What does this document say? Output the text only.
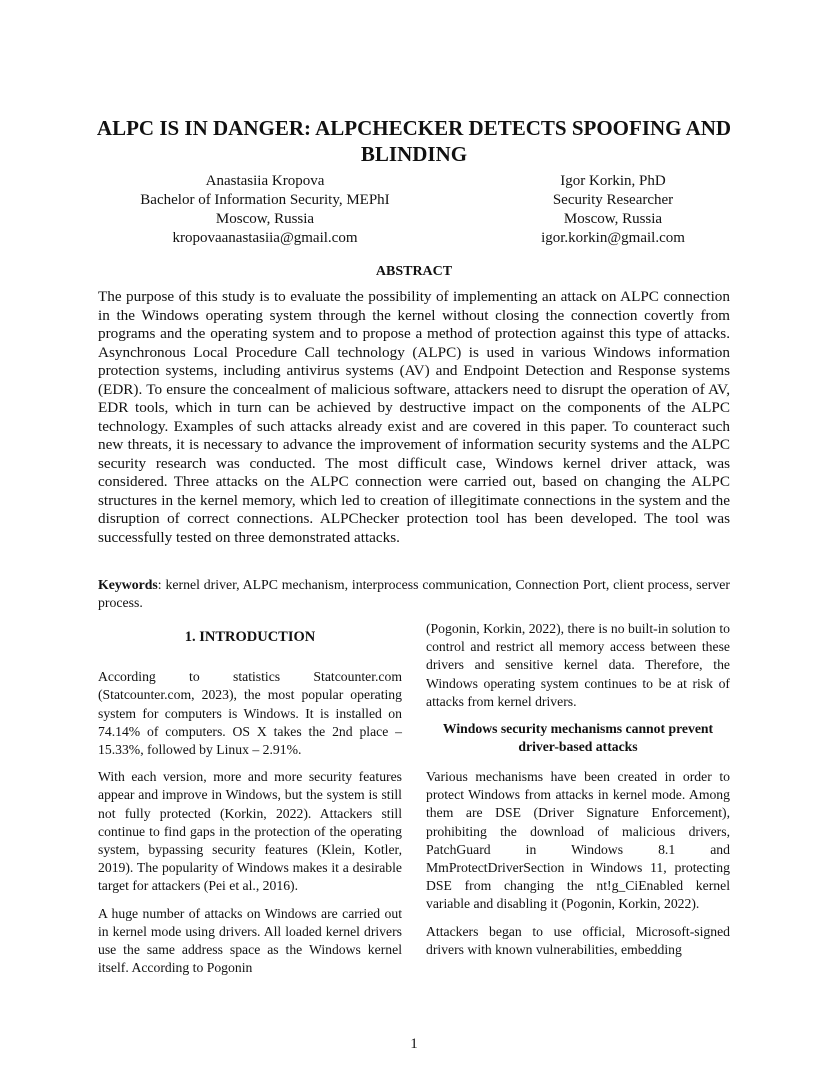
ALPC IS IN DANGER: ALPCHECKER DETECTS SPOOFING AND BLINDING
Anastasiia Kropova
Bachelor of Information Security, MEPhI
Moscow, Russia
kropovaanastasiia@gmail.com
Igor Korkin, PhD
Security Researcher
Moscow, Russia
igor.korkin@gmail.com
ABSTRACT

The purpose of this study is to evaluate the possibility of implementing an attack on ALPC connection in the Windows operating system through the kernel without closing the connection covertly from programs and the operating system and to propose a method of protection against this type of attacks. Asynchronous Local Procedure Call technology (ALPC) is used in various Windows information protection systems, including antivirus systems (AV) and Endpoint Detection and Response systems (EDR). To ensure the concealment of malicious software, attackers need to disrupt the operation of AV, EDR tools, which in turn can be achieved by destructive impact on the components of the ALPC technology. Examples of such attacks already exist and are covered in this paper. To counteract such new threats, it is necessary to advance the improvement of information security systems and the ALPC security research was conducted. The most difficult case, Windows kernel driver attack, was considered. Three attacks on the ALPC connection were carried out, based on changing the ALPC structures in the kernel memory, which led to creation of illegitimate connections in the system and the disruption of correct connections. ALPChecker protection tool has been developed. The tool was successfully tested on three demonstrated attacks.

Keywords: kernel driver, ALPC mechanism, interprocess communication, Connection Port, client process, server process.

1. INTRODUCTION

According to statistics Statcounter.com (Statcounter.com, 2023), the most popular operating system for computers is Windows. It is installed on 74.14% of computers. OS X takes the 2nd place – 15.33%, followed by Linux – 2.91%.

With each version, more and more security features appear and improve in Windows, but the system is still not fully protected (Korkin, 2022). Attackers still continue to find gaps in the protection of the operating system, bypassing security features (Klein, Kotler, 2019). The popularity of Windows makes it a desirable target for attackers (Pei et al., 2016).

A huge number of attacks on Windows are carried out in kernel mode using drivers. All loaded kernel drivers use the same address space as the Windows kernel itself. According to Pogonin

(Pogonin, Korkin, 2022), there is no built-in solution to control and restrict all memory access between these drivers and sensitive kernel data. Therefore, the Windows operating system continues to be at risk of attacks from kernel drivers.

Windows security mechanisms cannot prevent driver-based attacks

Various mechanisms have been created in order to protect Windows from attacks in kernel mode. Among them are DSE (Driver Signature Enforcement), prohibiting the download of malicious drivers, PatchGuard in Windows 8.1 and MmProtectDriverSection in Windows 11, protecting DSE from changing the nt!g_CiEnabled kernel variable and disabling it (Pogonin, Korkin, 2022).

Attackers began to use official, Microsoft-signed drivers with known vulnerabilities, embedding

1
